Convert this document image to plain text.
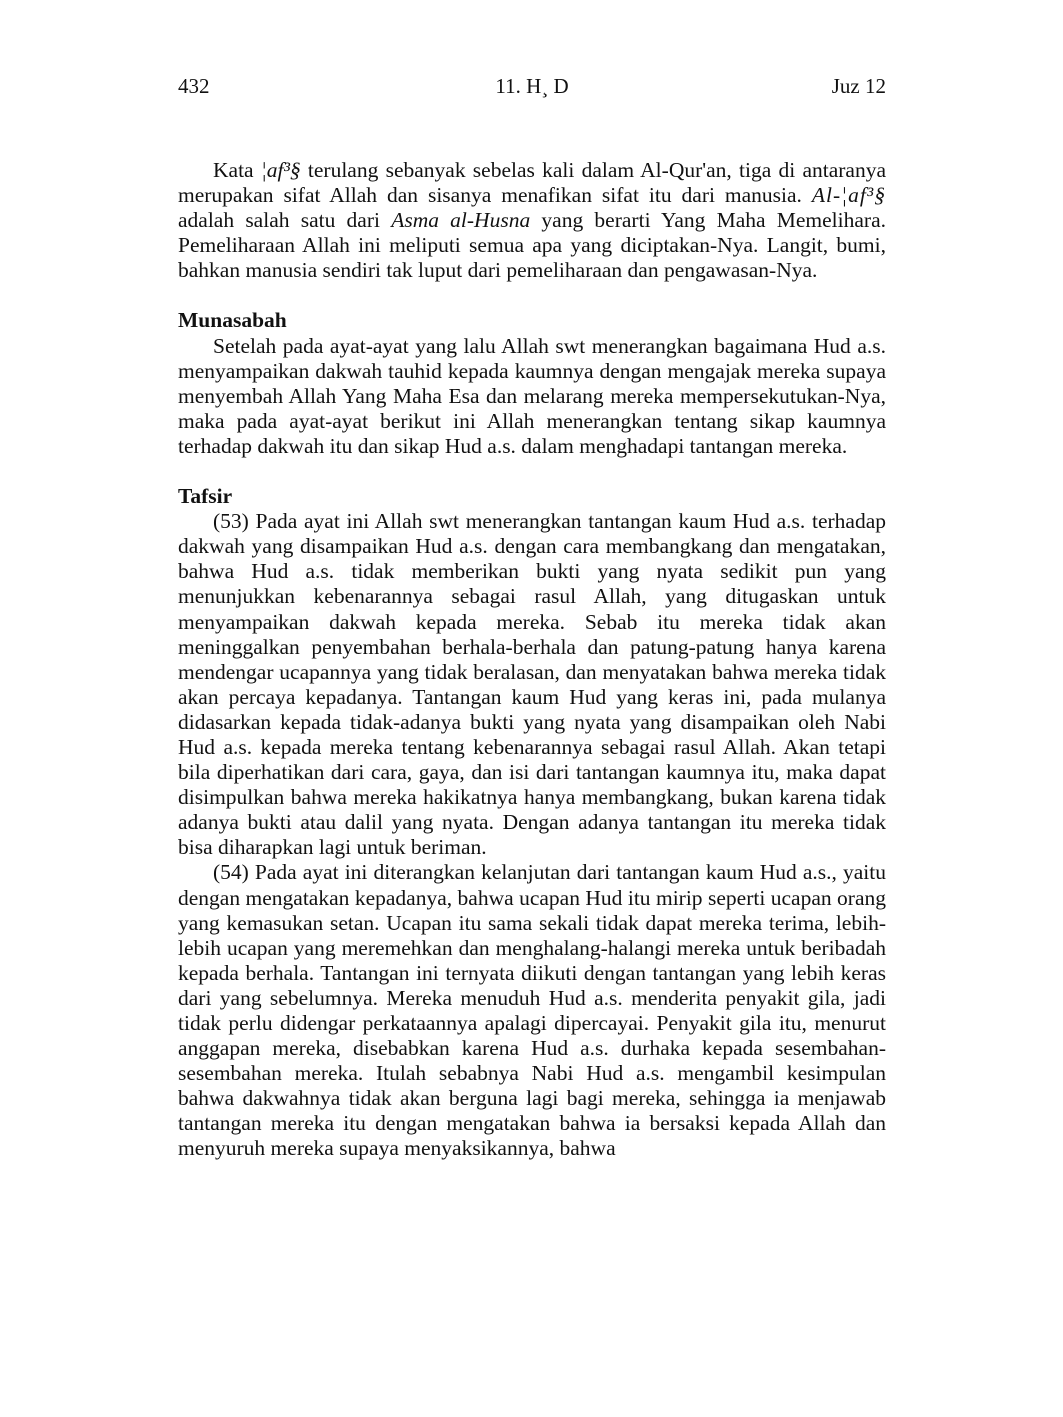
432	11. H¸ D	Juz 12

Kata ¦af³§ terulang sebanyak sebelas kali dalam Al-Qur'an, tiga di antaranya merupakan sifat Allah dan sisanya menafikan sifat itu dari manusia. Al-¦af³§ adalah salah satu dari Asma al-Husna yang berarti Yang Maha Memelihara. Pemeliharaan Allah ini meliputi semua apa yang diciptakan-Nya. Langit, bumi, bahkan manusia sendiri tak luput dari pemeliharaan dan pengawasan-Nya.

Munasabah

Setelah pada ayat-ayat yang lalu Allah swt menerangkan bagaimana Hud a.s. menyampaikan dakwah tauhid kepada kaumnya dengan mengajak mereka supaya menyembah Allah Yang Maha Esa dan melarang mereka mempersekutukan-Nya, maka pada ayat-ayat berikut ini Allah menerangkan tentang sikap kaumnya terhadap dakwah itu dan sikap Hud a.s. dalam menghadapi tantangan mereka.

Tafsir

(53) Pada ayat ini Allah swt menerangkan tantangan kaum Hud a.s. terhadap dakwah yang disampaikan Hud a.s. dengan cara membangkang dan mengatakan, bahwa Hud a.s. tidak memberikan bukti yang nyata sedikit pun yang menunjukkan kebenarannya sebagai rasul Allah, yang ditugaskan untuk menyampaikan dakwah kepada mereka. Sebab itu mereka tidak akan meninggalkan penyembahan berhala-berhala dan patung-patung hanya karena mendengar ucapannya yang tidak beralasan, dan menyatakan bahwa mereka tidak akan percaya kepadanya. Tantangan kaum Hud yang keras ini, pada mulanya didasarkan kepada tidak-adanya bukti yang nyata yang disampaikan oleh Nabi Hud a.s. kepada mereka tentang kebenarannya sebagai rasul Allah. Akan tetapi bila diperhatikan dari cara, gaya, dan isi dari tantangan kaumnya itu, maka dapat disimpulkan bahwa mereka hakikatnya hanya membangkang, bukan karena tidak adanya bukti atau dalil yang nyata. Dengan adanya tantangan itu mereka tidak bisa diharapkan lagi untuk beriman.

(54) Pada ayat ini diterangkan kelanjutan dari tantangan kaum Hud a.s., yaitu dengan mengatakan kepadanya, bahwa ucapan Hud itu mirip seperti ucapan orang yang kemasukan setan. Ucapan itu sama sekali tidak dapat mereka terima, lebih-lebih ucapan yang meremehkan dan menghalang-halangi mereka untuk beribadah kepada berhala. Tantangan ini ternyata diikuti dengan tantangan yang lebih keras dari yang sebelumnya. Mereka menuduh Hud a.s. menderita penyakit gila, jadi tidak perlu didengar perkataannya apalagi dipercayai. Penyakit gila itu, menurut anggapan mereka, disebabkan karena Hud a.s. durhaka kepada sesembahan-sesembahan mereka. Itulah sebabnya Nabi Hud a.s. mengambil kesimpulan bahwa dakwahnya tidak akan berguna lagi bagi mereka, sehingga ia menjawab tantangan mereka itu dengan mengatakan bahwa ia bersaksi kepada Allah dan menyuruh mereka supaya menyaksikannya, bahwa
